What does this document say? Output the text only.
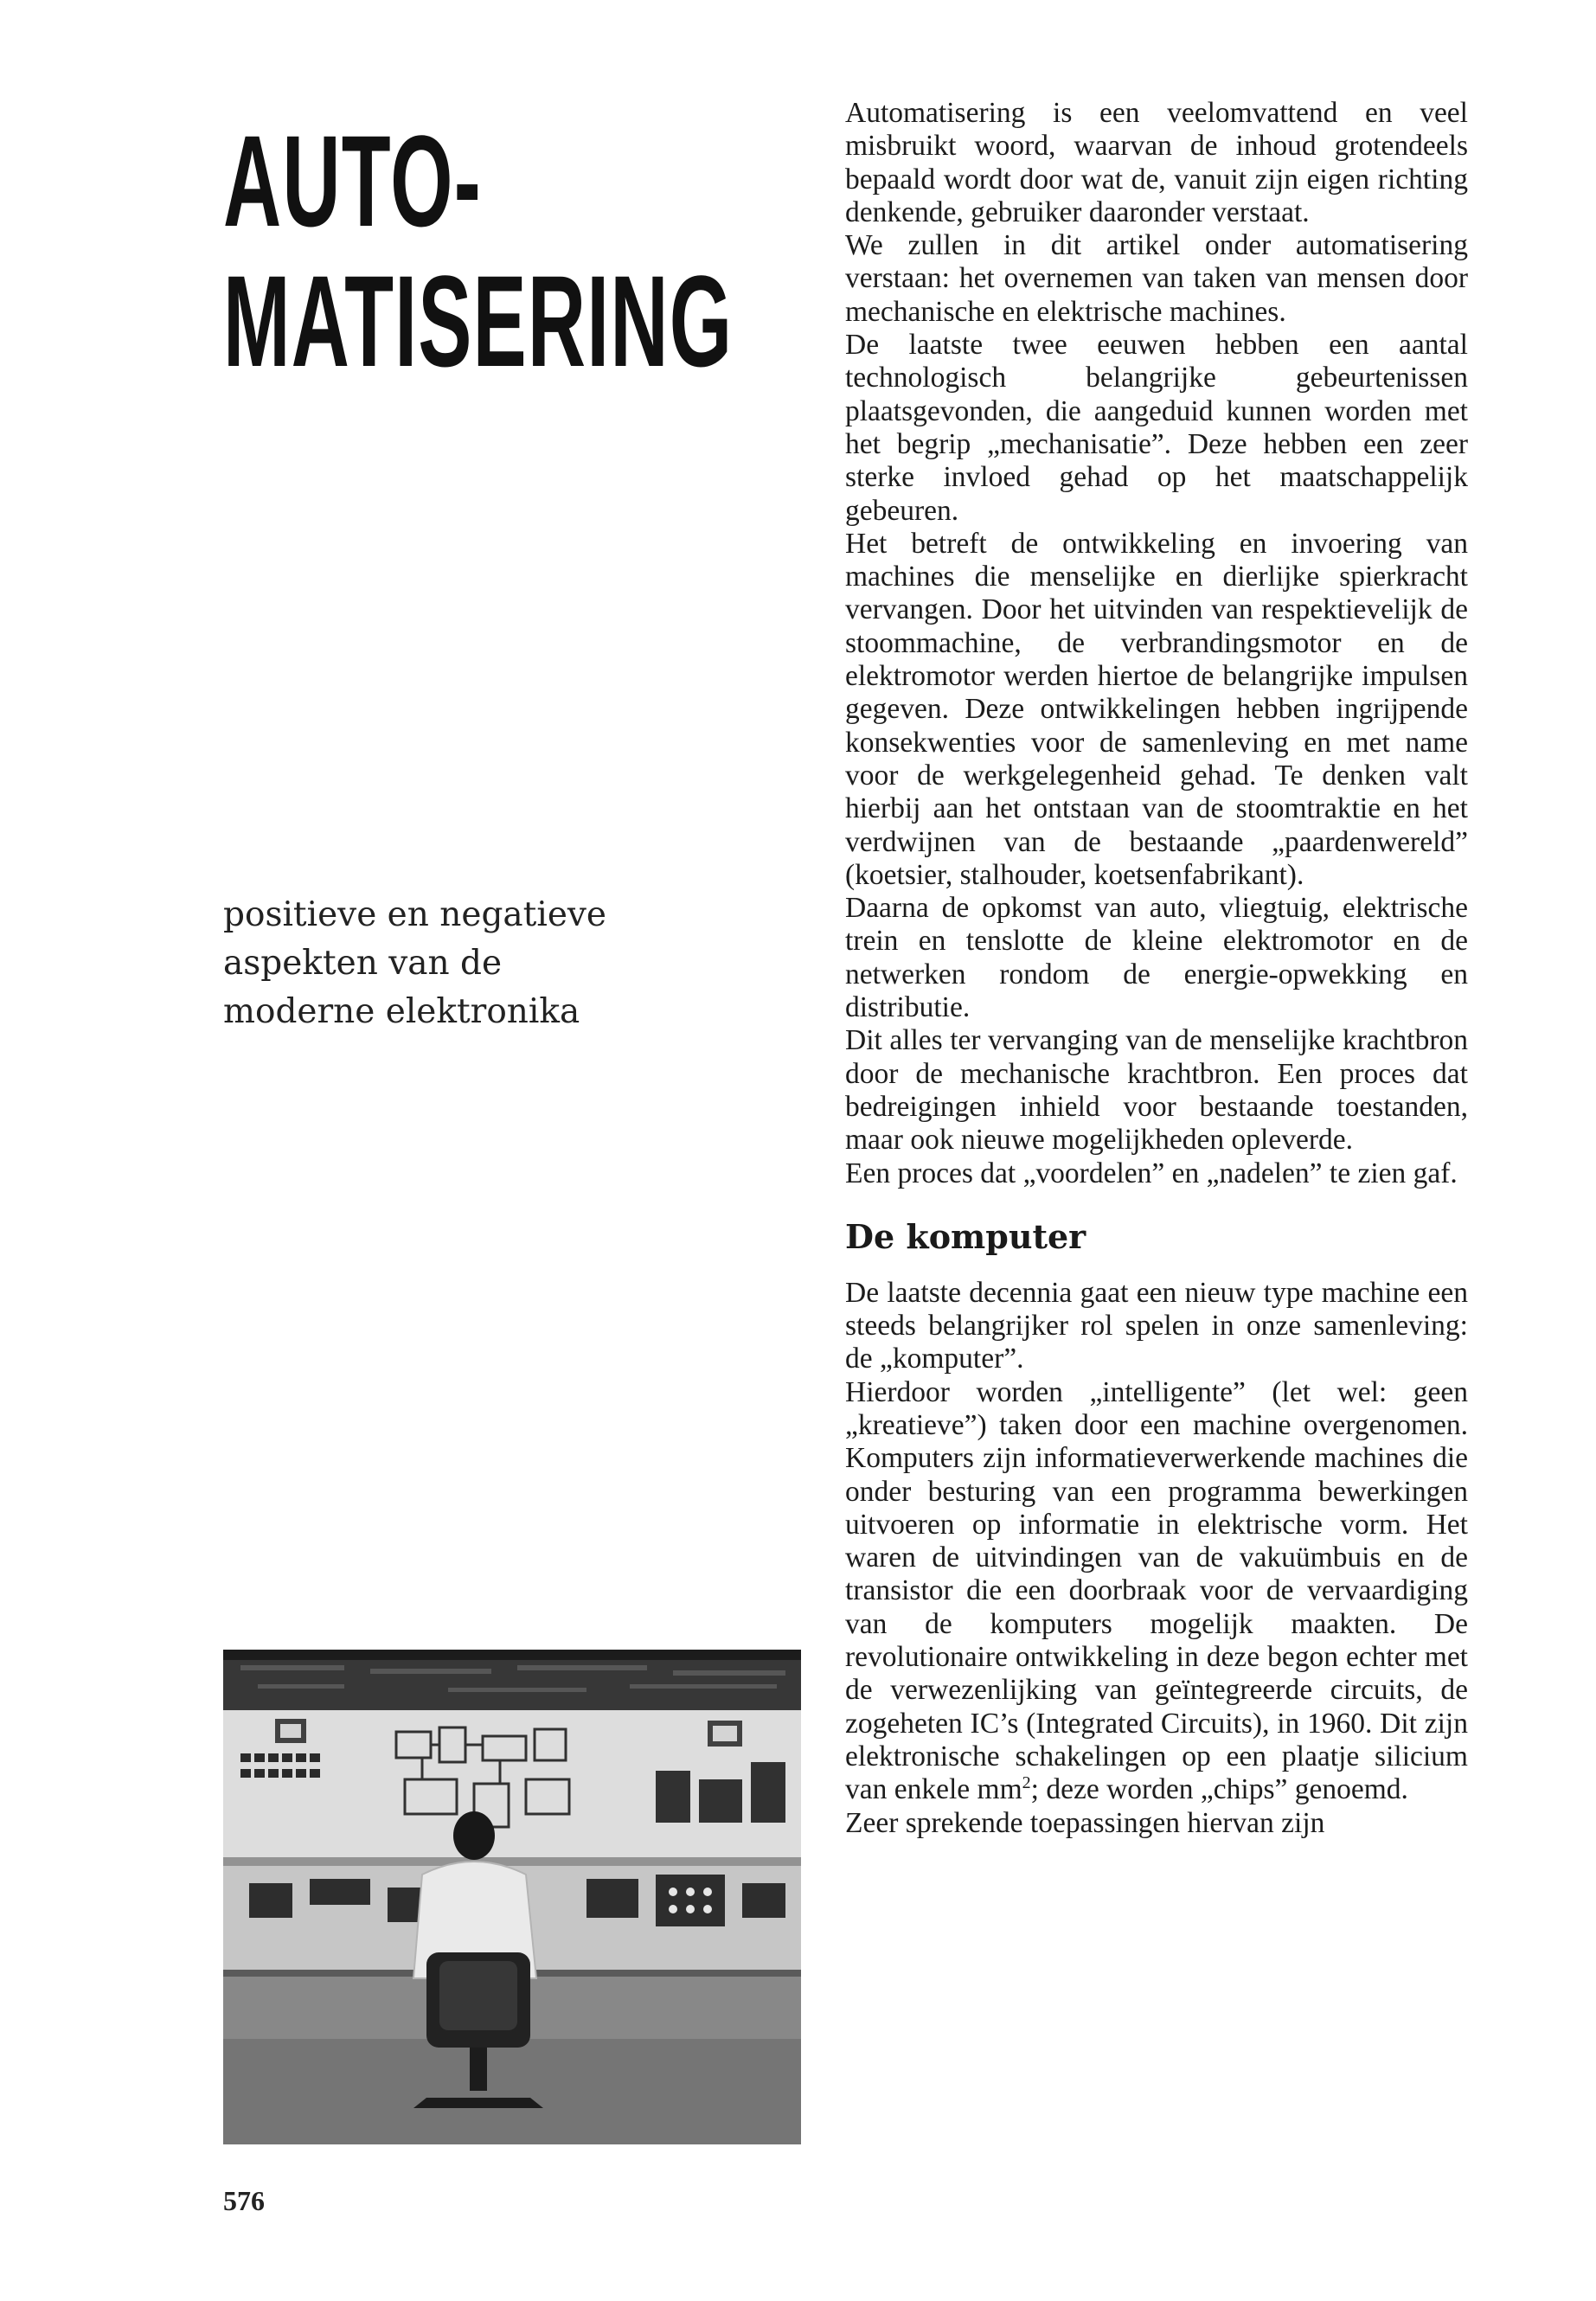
AUTO-
MATISERING
positieve en negatieve
aspekten van de
moderne elektronika

Automatisering is een veelomvattend en veel misbruikt woord, waarvan de inhoud grotendeels bepaald wordt door wat de, vanuit zijn eigen richting denkende, gebruiker daaronder verstaat.

We zullen in dit artikel onder automatisering verstaan: het overnemen van taken van mensen door mechanische en elektrische machines.

De laatste twee eeuwen hebben een aantal technologisch belangrijke gebeurtenissen plaatsgevonden, die aangeduid kunnen worden met het begrip „mechanisatie”. Deze hebben een zeer sterke invloed gehad op het maatschappelijk gebeuren.

Het betreft de ontwikkeling en invoering van machines die menselijke en dierlijke spierkracht vervangen. Door het uitvinden van respektievelijk de stoommachine, de verbrandingsmotor en de elektromotor werden hiertoe de belangrijke impulsen gegeven. Deze ontwikkelingen hebben ingrijpende konsekwenties voor de samenleving en met name voor de werkgelegenheid gehad. Te denken valt hierbij aan het ontstaan van de stoomtraktie en het verdwijnen van de bestaande „paardenwereld” (koetsier, stalhouder, koetsenfabrikant).

Daarna de opkomst van auto, vliegtuig, elektrische trein en tenslotte de kleine elektromotor en de netwerken rondom de energie-opwekking en distributie.

Dit alles ter vervanging van de menselijke krachtbron door de mechanische krachtbron. Een proces dat bedreigingen inhield voor bestaande toestanden, maar ook nieuwe mogelijkheden opleverde.

Een proces dat „voordelen” en „nadelen” te zien gaf.

De komputer

De laatste decennia gaat een nieuw type machine een steeds belangrijker rol spelen in onze samenleving: de „komputer”.

Hierdoor worden „intelligente” (let wel: geen „kreatieve”) taken door een machine overgenomen. Komputers zijn informatieverwerkende machines die onder besturing van een programma bewerkingen uitvoeren op informatie in elektrische vorm. Het waren de uitvindingen van de vakuümbuis en de transistor die een doorbraak voor de vervaardiging van de komputers mogelijk maakten. De revolutionaire ontwikkeling in deze begon echter met de verwezenlijking van geïntegreerde circuits, de zogeheten IC’s (Integrated Circuits), in 1960. Dit zijn elektronische schakelingen op een plaatje silicium van enkele $mm^2$; deze worden „chips” genoemd.

Zeer sprekende toepassingen hiervan zijn

576
